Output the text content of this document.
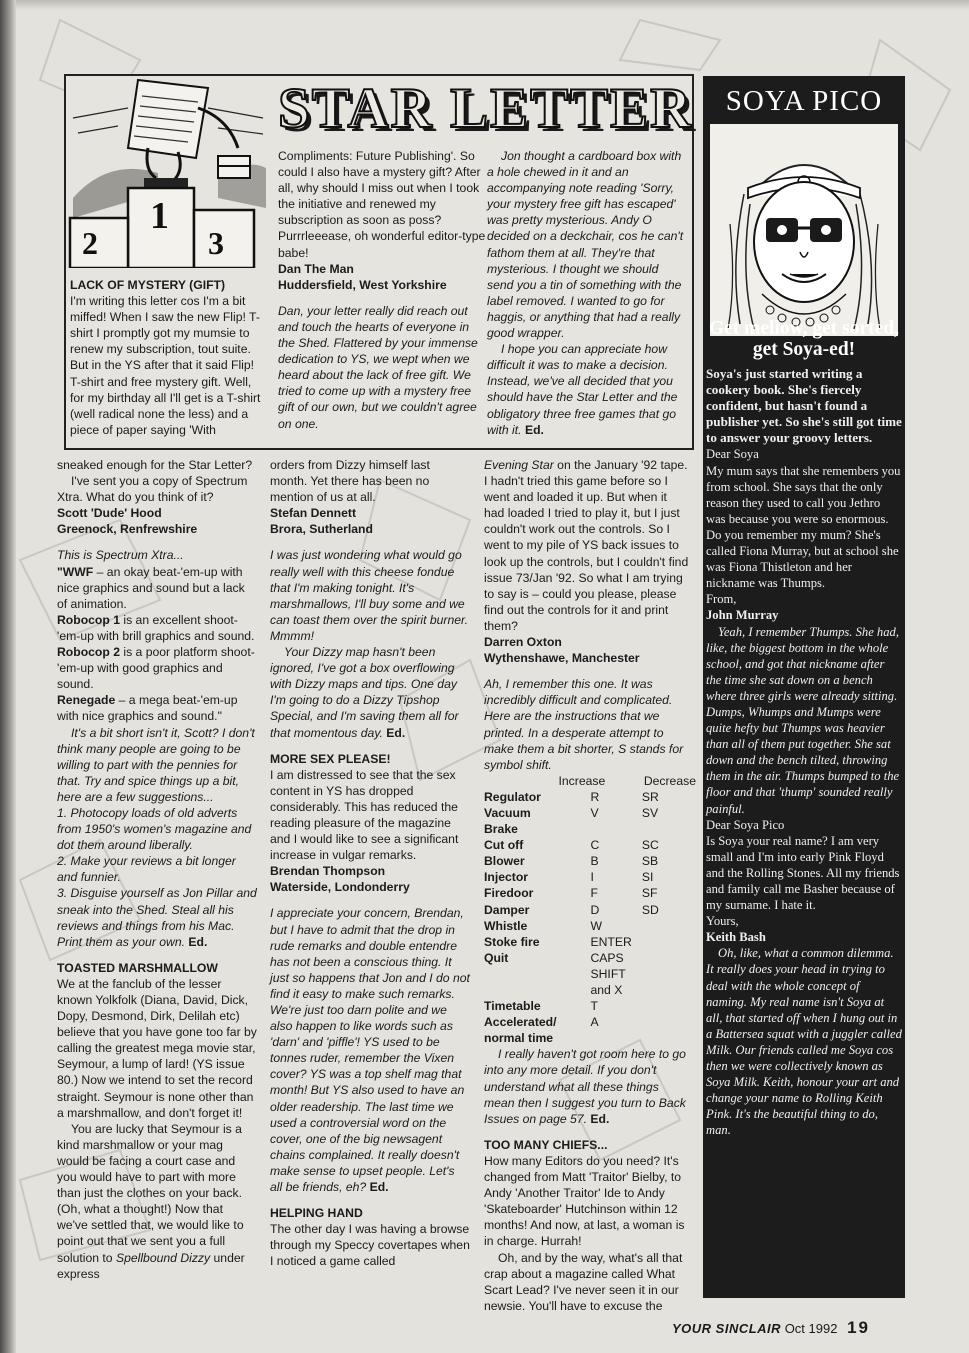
1
2	3
STAR LETTER

LACK OF MYSTERY (GIFT)

I'm writing this letter cos I'm a bit miffed! When I saw the new Flip! T-shirt I promptly got my mumsie to renew my subscription, tout suite. But in the YS after that it said Flip! T-shirt and free mystery gift. Well, for my birthday all I'll get is a T-shirt (well radical none the less) and a piece of paper saying 'With

Compliments: Future Publishing'. So could I also have a mystery gift? After all, why should I miss out when I took the initiative and renewed my subscription as soon as poss? Purrrleeease, oh wonderful editor-type babe!

Dan The Man

Huddersfield, West Yorkshire

Dan, your letter really did reach out and touch the hearts of everyone in the Shed. Flattered by your immense dedication to YS, we wept when we heard about the lack of free gift. We tried to come up with a mystery free gift of our own, but we couldn't agree on one.

Jon thought a cardboard box with a hole chewed in it and an accompanying note reading 'Sorry, your mystery free gift has escaped' was pretty mysterious. Andy O decided on a deckchair, cos he can't fathom them at all. They're that mysterious. I thought we should send you a tin of something with the label removed. I wanted to go for haggis, or anything that had a really good wrapper.

I hope you can appreciate how difficult it was to make a decision. Instead, we've all decided that you should have the Star Letter and the obligatory three free games that go with it. Ed.

sneaked enough for the Star Letter?

I've sent you a copy of Spectrum Xtra. What do you think of it?

Scott 'Dude' Hood

Greenock, Renfrewshire

This is Spectrum Xtra...

"WWF – an okay beat-'em-up with nice graphics and sound but a lack of animation.

Robocop 1 is an excellent shoot-'em-up with brill graphics and sound.

Robocop 2 is a poor platform shoot-'em-up with good graphics and sound.

Renegade – a mega beat-'em-up with nice graphics and sound."

It's a bit short isn't it, Scott? I don't think many people are going to be willing to part with the pennies for that. Try and spice things up a bit, here are a few suggestions...

1. Photocopy loads of old adverts from 1950's women's magazine and dot them around liberally.

2. Make your reviews a bit longer and funnier.

3. Disguise yourself as Jon Pillar and sneak into the Shed. Steal all his reviews and things from his Mac. Print them as your own. Ed.

TOASTED MARSHMALLOW

We at the fanclub of the lesser known Yolkfolk (Diana, David, Dick, Dopy, Desmond, Dirk, Delilah etc) believe that you have gone too far by calling the greatest mega movie star, Seymour, a lump of lard! (YS issue 80.) Now we intend to set the record straight. Seymour is none other than a marshmallow, and don't forget it!

You are lucky that Seymour is a kind marshmallow or your mag would be facing a court case and you would have to part with more than just the clothes on your back. (Oh, what a thought!) Now that we've settled that, we would like to point out that we sent you a full solution to Spellbound Dizzy under express

orders from Dizzy himself last month. Yet there has been no mention of us at all.

Stefan Dennett

Brora, Sutherland

I was just wondering what would go really well with this cheese fondue that I'm making tonight. It's marshmallows, I'll buy some and we can toast them over the spirit burner. Mmmm!

Your Dizzy map hasn't been ignored, I've got a box overflowing with Dizzy maps and tips. One day I'm going to do a Dizzy Tipshop Special, and I'm saving them all for that momentous day. Ed.

MORE SEX PLEASE!

I am distressed to see that the sex content in YS has dropped considerably. This has reduced the reading pleasure of the magazine and I would like to see a significant increase in vulgar remarks.

Brendan Thompson

Waterside, Londonderry

I appreciate your concern, Brendan, but I have to admit that the drop in rude remarks and double entendre has not been a conscious thing. It just so happens that Jon and I do not find it easy to make such remarks. We're just too darn polite and we also happen to like words such as 'darn' and 'piffle'! YS used to be tonnes ruder, remember the Vixen cover? YS was a top shelf mag that month! But YS also used to have an older readership. The last time we used a controversial word on the cover, one of the big newsagent chains complained. It really doesn't make sense to upset people. Let's all be friends, eh? Ed.

HELPING HAND

The other day I was having a browse through my Speccy covertapes when I noticed a game called

Evening Star on the January '92 tape. I hadn't tried this game before so I went and loaded it up. But when it had loaded I tried to play it, but I just couldn't work out the controls. So I went to my pile of YS back issues to look up the controls, but I couldn't find issue 73/Jan '92. So what I am trying to say is – could you please, please find out the controls for it and print them?

Darren Oxton

Wythenshawe, Manchester

Ah, I remember this one. It was incredibly difficult and complicated. Here are the instructions that we printed. In a desperate attempt to make them a bit shorter, S stands for symbol shift.

	Increase	Decrease
Regulator	R	SR
Vacuum Brake	V	SV
Cut off	C	SC
Blower	B	SB
Injector	I	SI
Firedoor	F	SF
Damper	D	SD
Whistle	W	
Stoke fire	ENTER	
Quit	CAPS SHIFT and X	
Timetable	T	
Accelerated/ normal time	A	

I really haven't got room here to go into any more detail. If you don't understand what all these things mean then I suggest you turn to Back Issues on page 57. Ed.

TOO MANY CHIEFS...

How many Editors do you need? It's changed from Matt 'Traitor' Bielby, to Andy 'Another Traitor' Ide to Andy 'Skateboarder' Hutchinson within 12 months! And now, at last, a woman is in charge. Hurrah!

Oh, and by the way, what's all that crap about a magazine called What Scart Lead? I've never seen it in our newsie. You'll have to excuse the

SOYA PICO
Get mellow, get sorted, get Soya-ed!

Soya's just started writing a cookery book. She's fiercely confident, but hasn't found a publisher yet. So she's still got time to answer your groovy letters.

Dear Soya

My mum says that she remembers you from school. She says that the only reason they used to call you Jethro was because you were so enormous. Do you remember my mum? She's called Fiona Murray, but at school she was Fiona Thistleton and her nickname was Thumps.

From,

John Murray

Yeah, I remember Thumps. She had, like, the biggest bottom in the whole school, and got that nickname after the time she sat down on a bench where three girls were already sitting. Dumps, Whumps and Mumps were quite hefty but Thumps was heavier than all of them put together. She sat down and the bench tilted, throwing them in the air. Thumps bumped to the floor and that 'thump' sounded really painful.

Dear Soya Pico

Is Soya your real name? I am very small and I'm into early Pink Floyd and the Rolling Stones. All my friends and family call me Basher because of my surname. I hate it.

Yours,

Keith Bash

Oh, like, what a common dilemma. It really does your head in trying to deal with the whole concept of naming. My real name isn't Soya at all, that started off when I hung out in a Battersea squat with a juggler called Milk. Our friends called me Soya cos then we were collectively known as Soya Milk. Keith, honour your art and change your name to Rolling Keith Pink. It's the beautiful thing to do, man.

YOUR SINCLAIR Oct 1992 19
